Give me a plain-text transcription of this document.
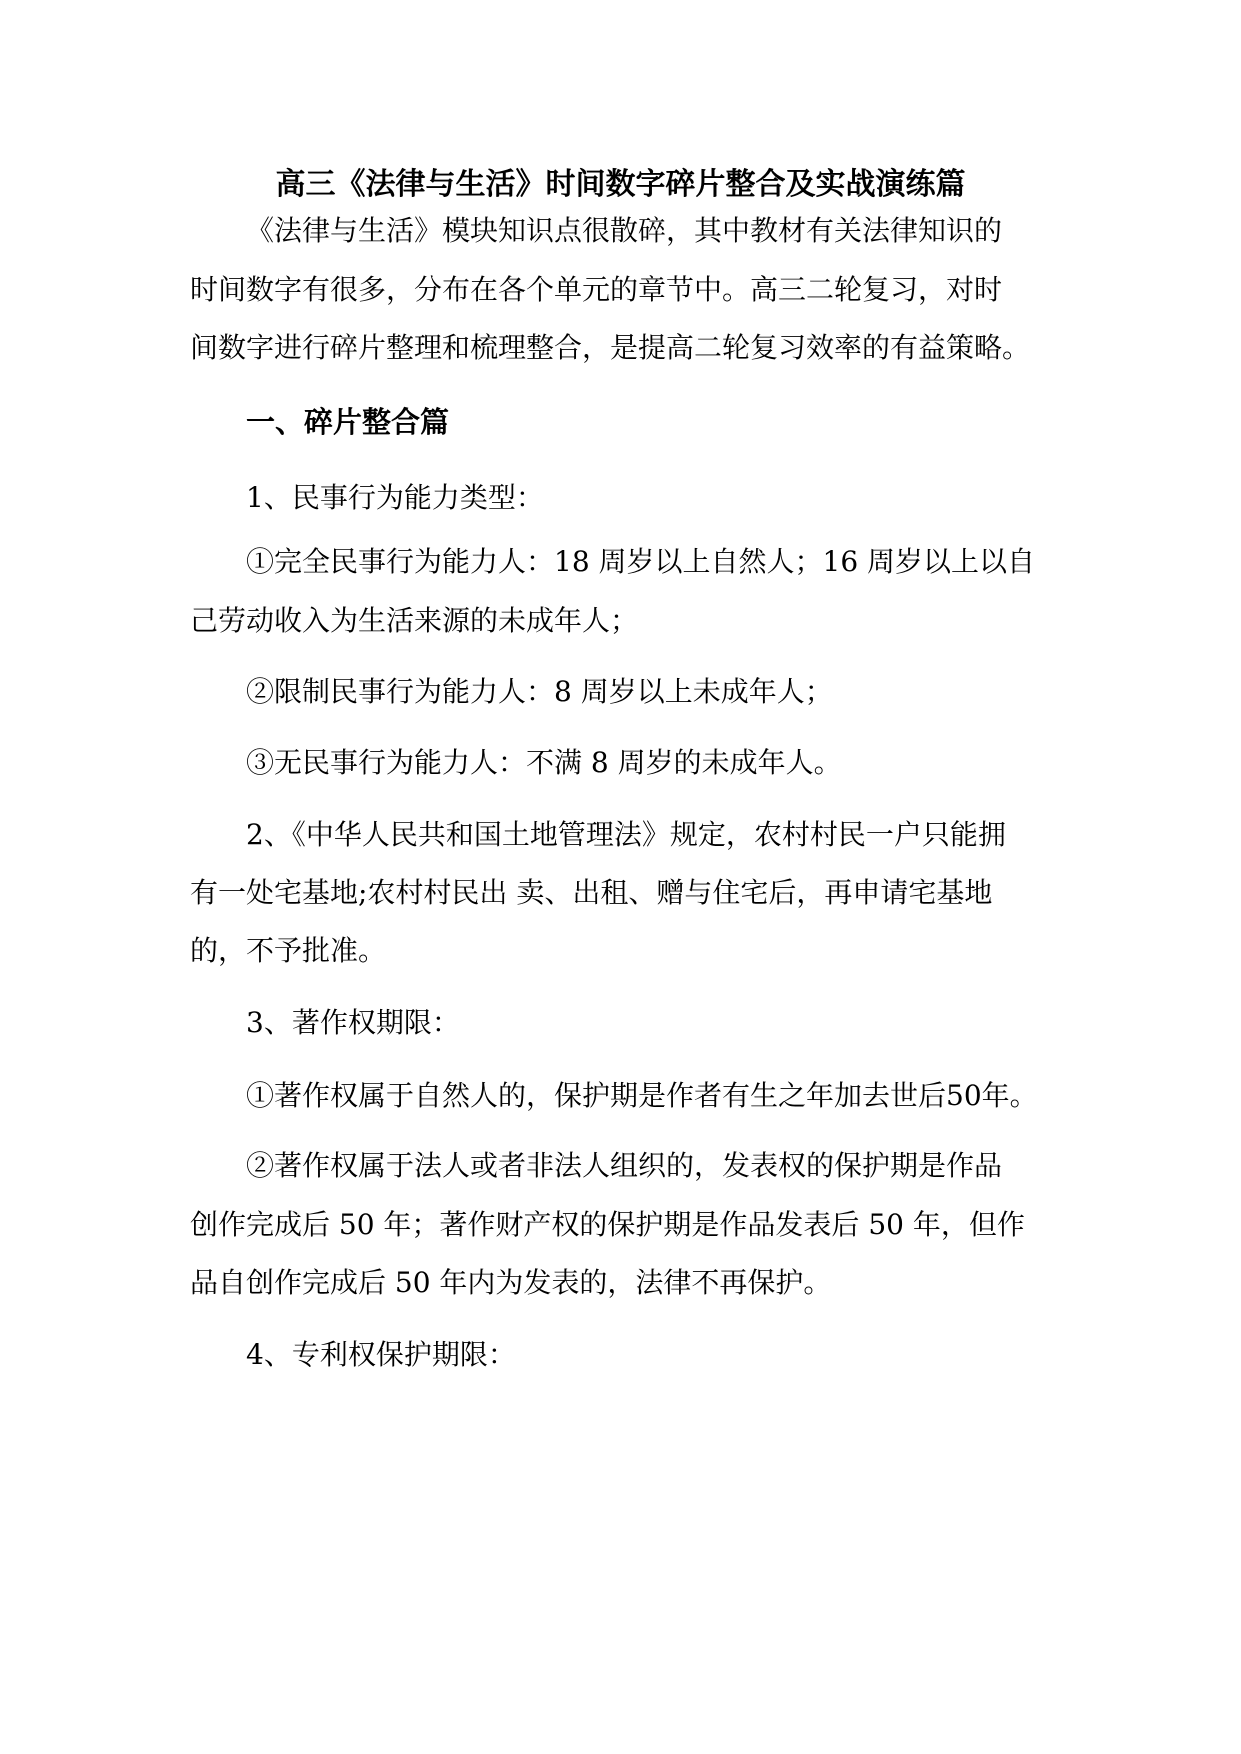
高三《法律与生活》时间数字碎片整合及实战演练篇
《法律与生活》模块知识点很散碎，其中教材有关法律知识的
时间数字有很多，分布在各个单元的章节中。高三二轮复习，对时
间数字进行碎片整理和梳理整合，是提高二轮复习效率的有益策略。
一、碎片整合篇
1、民事行为能力类型：
①完全民事行为能力人：18 周岁以上自然人；16 周岁以上以自
己劳动收入为生活来源的未成年人；
②限制民事行为能力人：8 周岁以上未成年人；
③无民事行为能力人：不满 8 周岁的未成年人。
2、《中华人民共和国土地管理法》规定，农村村民一户只能拥
有一处宅基地;农村村民出 卖、出租、赠与住宅后，再申请宅基地
的，不予批准。
3、著作权期限：
①著作权属于自然人的，保护期是作者有生之年加去世后50年。
②著作权属于法人或者非法人组织的，发表权的保护期是作品
创作完成后 50 年；著作财产权的保护期是作品发表后 50 年，但作
品自创作完成后 50 年内为发表的，法律不再保护。
4、专利权保护期限：
